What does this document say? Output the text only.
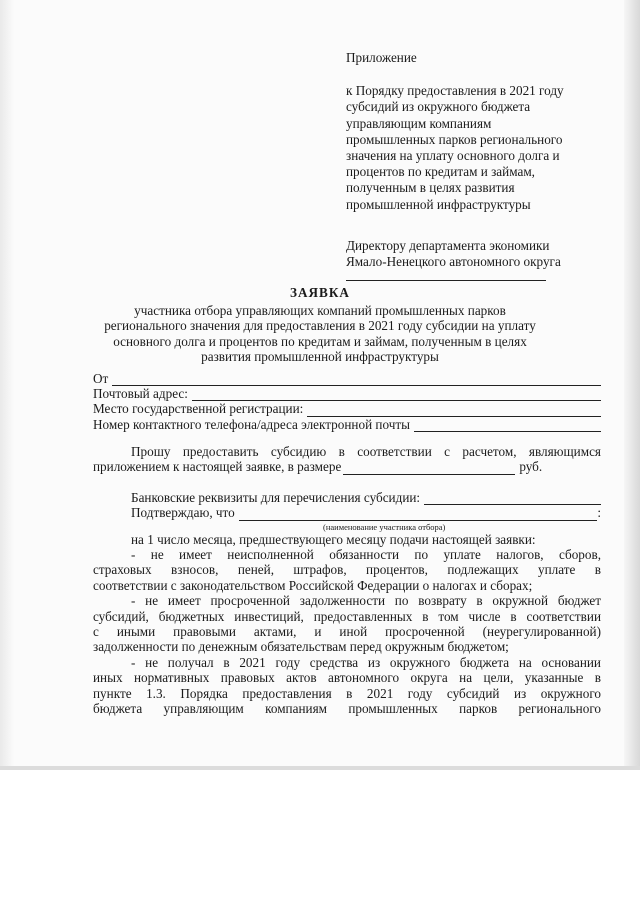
Приложение
к Порядку предоставления в 2021 году
субсидий из окружного бюджета
управляющим компаниям
промышленных парков регионального
значения на уплату основного долга и
процентов по кредитам и займам,
полученным в целях развития
промышленной инфраструктуры
Директору департамента экономики
Ямало-Ненецкого автономного округа
ЗАЯВКА
участника отбора управляющих компаний промышленных парков
регионального значения для предоставления в 2021 году субсидии на уплату
основного долга и процентов по кредитам и займам, полученным в целях
развития промышленной инфраструктуры
От
Почтовый адрес:
Место государственной регистрации:
Номер контактного телефона/адреса электронной почты
Прошу предоставить субсидию в соответствии с расчетом, являющимся
приложением к настоящей заявке, в размере	руб.
Банковские реквизиты для перечисления субсидии:
Подтверждаю, что	:
(наименование участника отбора)
на 1 число месяца, предшествующего месяцу подачи настоящей заявки:
- не имеет неисполненной обязанности по уплате налогов, сборов,
страховых взносов, пеней, штрафов, процентов, подлежащих уплате в
соответствии с законодательством Российской Федерации о налогах и сборах;
- не имеет просроченной задолженности по возврату в окружной бюджет
субсидий, бюджетных инвестиций, предоставленных в том числе в соответствии
с иными правовыми актами, и иной просроченной (неурегулированной)
задолженности по денежным обязательствам перед окружным бюджетом;
- не получал в 2021 году средства из окружного бюджета на основании
иных нормативных правовых актов автономного округа на цели, указанные в
пункте 1.3. Порядка предоставления в 2021 году субсидий из окружного
бюджета управляющим компаниям промышленных парков регионального
